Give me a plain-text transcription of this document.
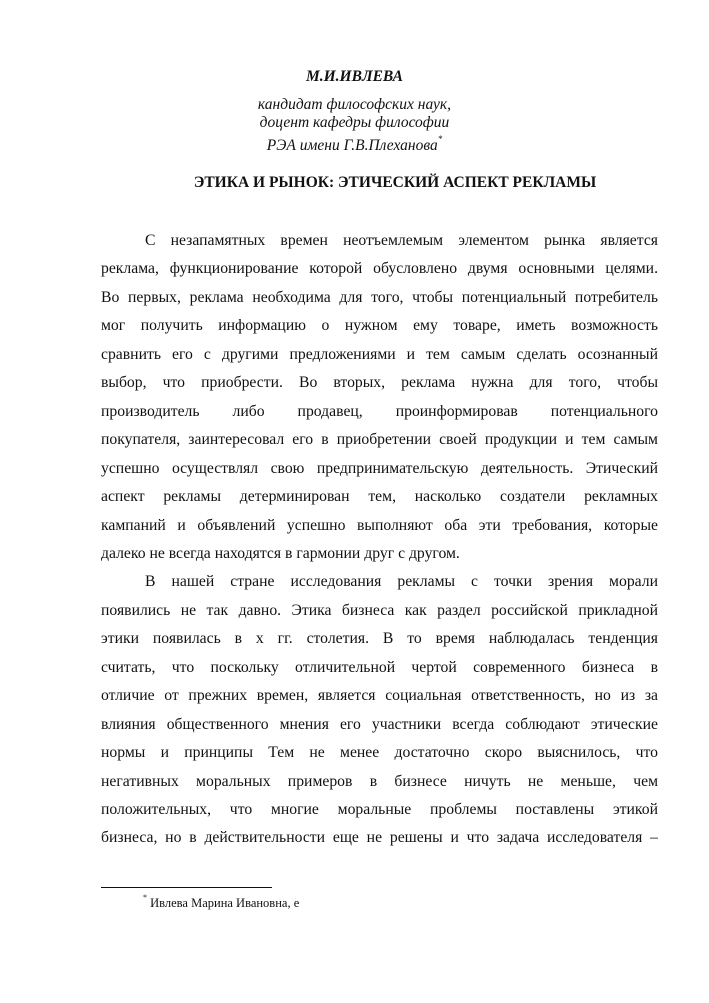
М.И.ИВЛЕВА
кандидат философских наук,
доцент кафедры философии
РЭА имени Г.В.Плеханова*
ЭТИКА И РЫНОК: ЭТИЧЕСКИЙ АСПЕКТ РЕКЛАМЫ
С незапамятных времен неотъемлемым элементом рынка является
реклама, функционирование которой обусловлено двумя основными целями.
Во первых, реклама необходима для того, чтобы потенциальный потребитель
мог получить информацию о нужном ему товаре, иметь возможность
сравнить его с другими предложениями и тем самым сделать осознанный
выбор, что приобрести. Во вторых, реклама нужна для того, чтобы
производитель либо продавец, проинформировав потенциального
покупателя, заинтересовал его в приобретении своей продукции и тем самым
успешно осуществлял свою предпринимательскую деятельность. Этический
аспект рекламы детерминирован тем, насколько создатели рекламных
кампаний и объявлений успешно выполняют оба эти требования, которые
далеко не всегда находятся в гармонии друг с другом.
В нашей стране исследования рекламы с точки зрения морали
появились не так давно. Этика бизнеса как раздел российской прикладной
этики появилась в х гг. столетия. В то время наблюдалась тенденция
считать, что поскольку отличительной чертой современного бизнеса в
отличие от прежних времен, является социальная ответственность, но из за
влияния общественного мнения его участники всегда соблюдают этические
нормы и принципы Тем не менее достаточно скоро выяснилось, что
негативных моральных примеров в бизнесе ничуть не меньше, чем
положительных, что многие моральные проблемы поставлены этикой
бизнеса, но в действительности еще не решены и что задача исследователя –
* Ивлева Марина Ивановна, е
